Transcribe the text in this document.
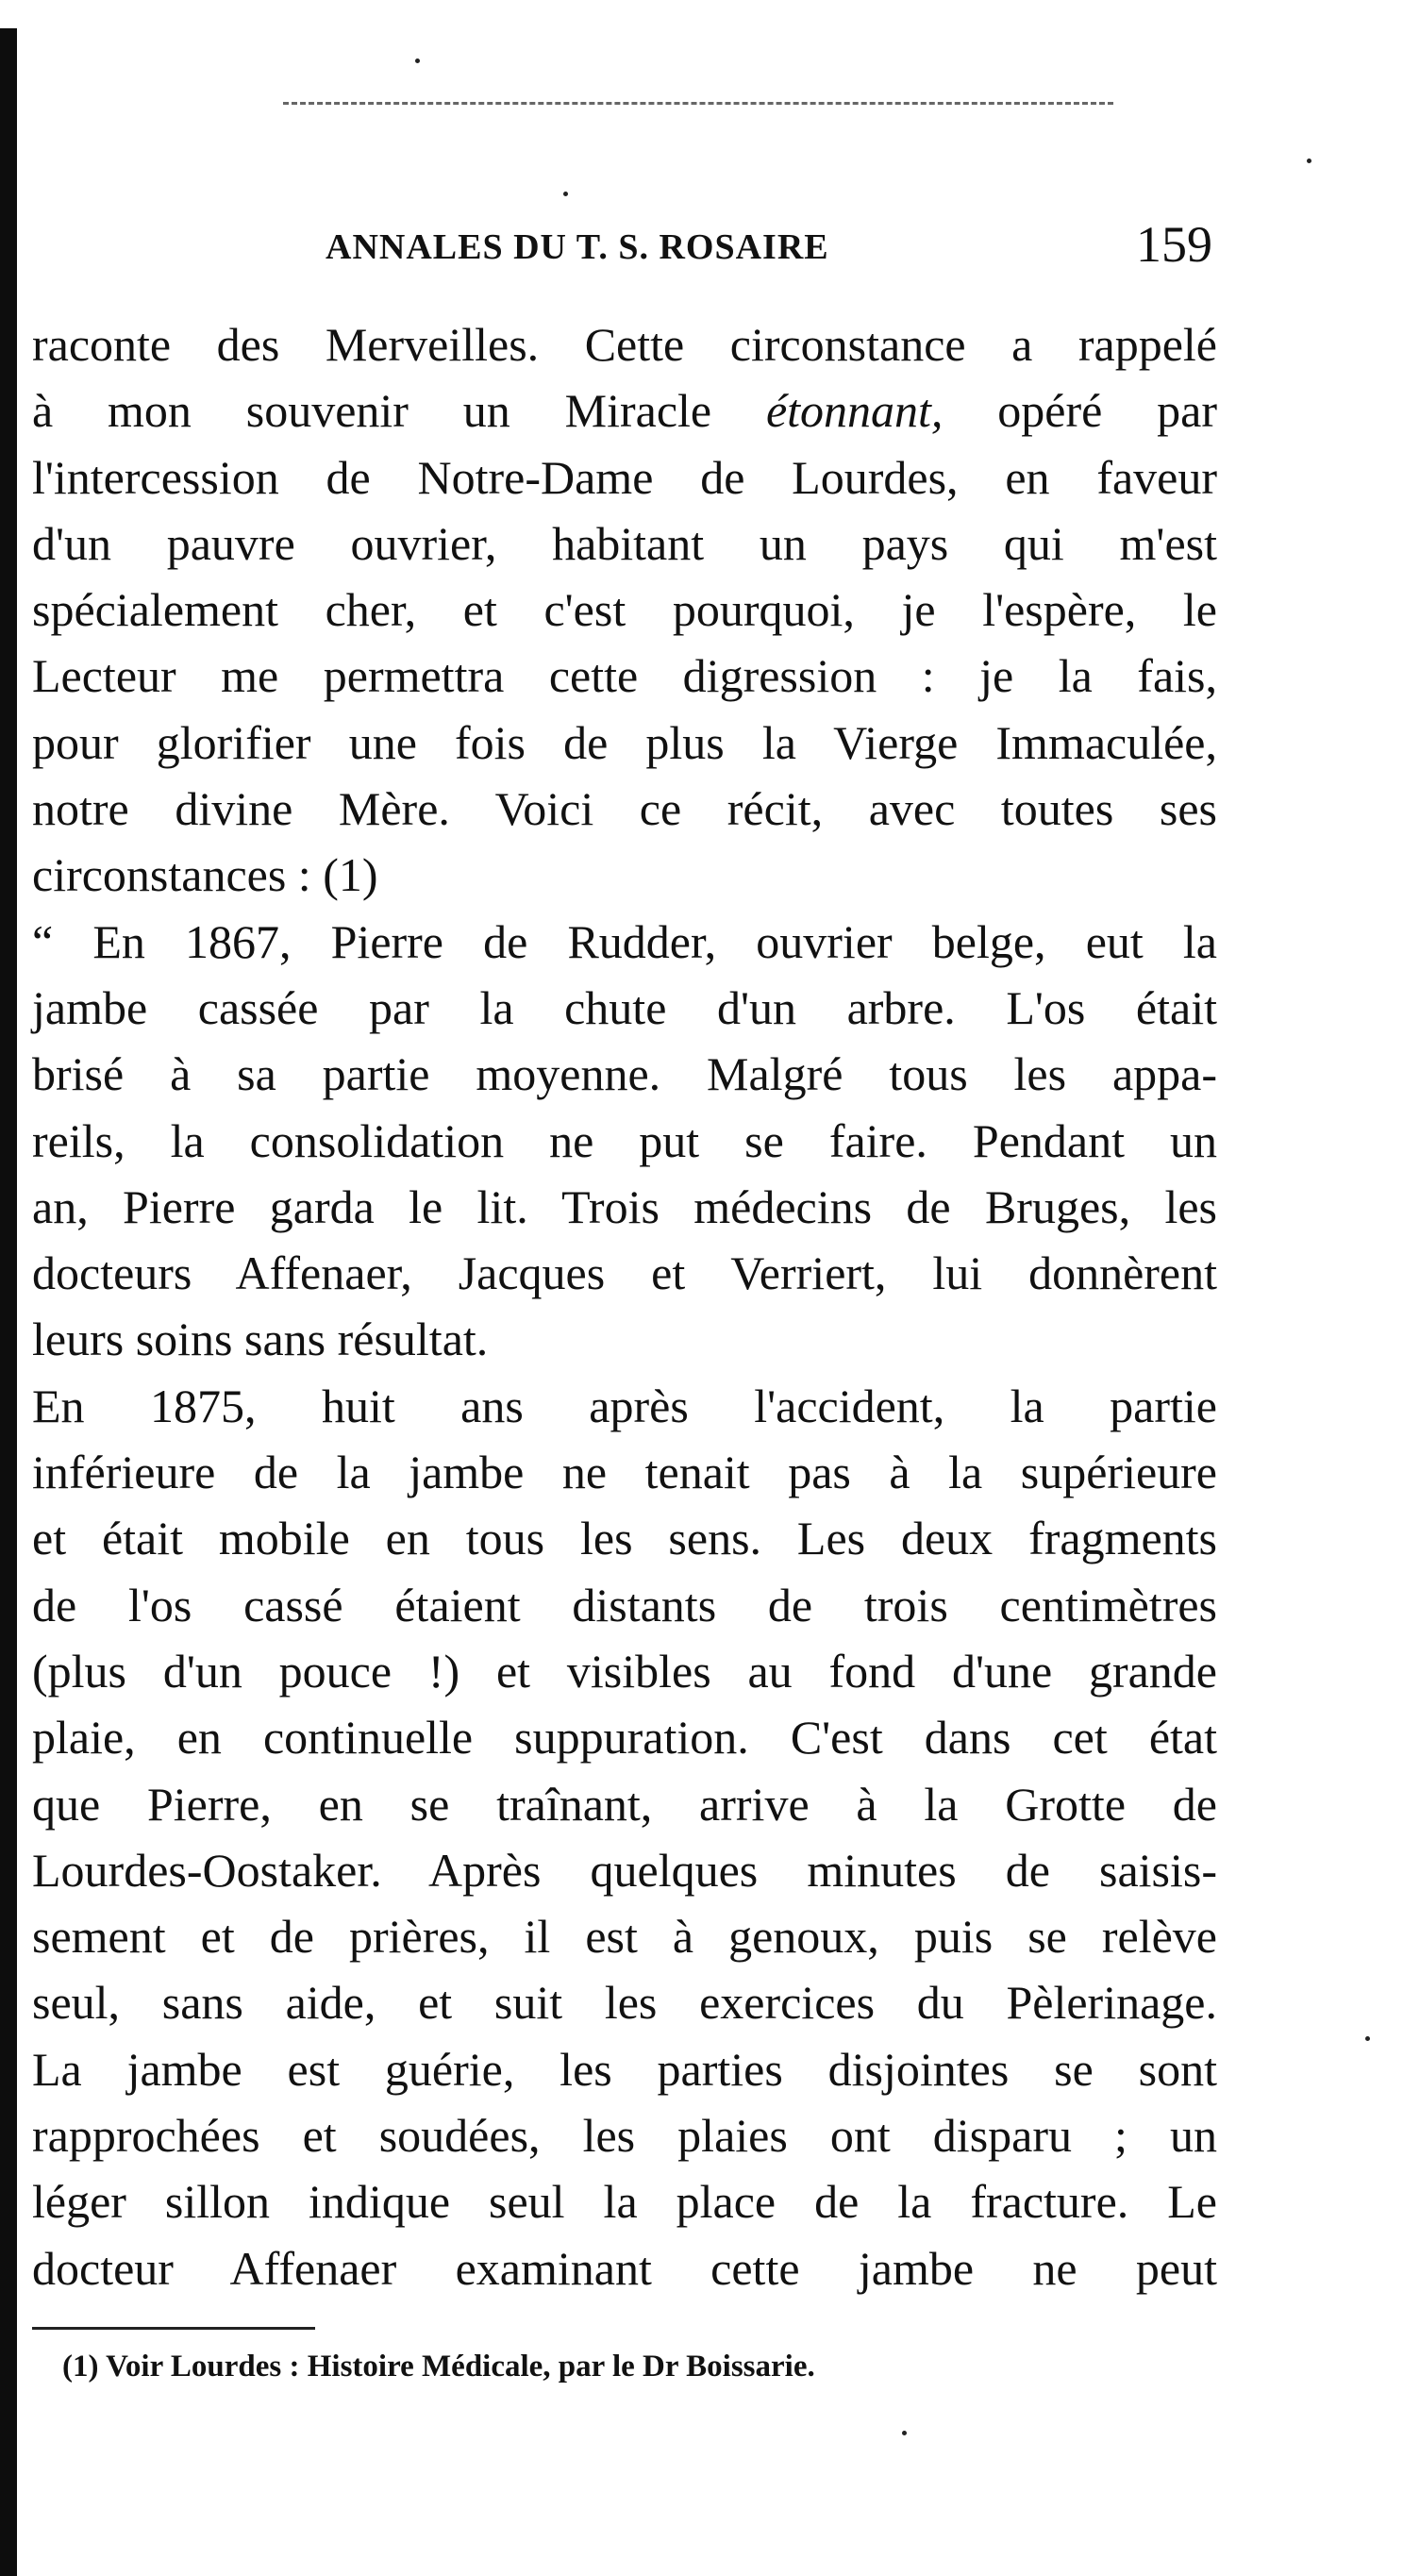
ANNALES DU T. S. ROSAIRE	159
raconte des Merveilles. Cette circonstance a rappelé
à mon souvenir un Miracle étonnant, opéré par
l'intercession de Notre-Dame de Lourdes, en faveur
d'un pauvre ouvrier, habitant un pays qui m'est
spécialement cher, et c'est pourquoi, je l'espère, le
Lecteur me permettra cette digression : je la fais,
pour glorifier une fois de plus la Vierge Immaculée,
notre divine Mère. Voici ce récit, avec toutes ses
circonstances : (1)
“ En 1867, Pierre de Rudder, ouvrier belge, eut la
jambe cassée par la chute d'un arbre. L'os était
brisé à sa partie moyenne. Malgré tous les appa-
reils, la consolidation ne put se faire. Pendant un
an, Pierre garda le lit. Trois médecins de Bruges, les
docteurs Affenaer, Jacques et Verriert, lui donnèrent
leurs soins sans résultat.
En 1875, huit ans après l'accident, la partie
inférieure de la jambe ne tenait pas à la supérieure
et était mobile en tous les sens. Les deux fragments
de l'os cassé étaient distants de trois centimètres
(plus d'un pouce !) et visibles au fond d'une grande
plaie, en continuelle suppuration. C'est dans cet état
que Pierre, en se traînant, arrive à la Grotte de
Lourdes-Oostaker. Après quelques minutes de saisis-
sement et de prières, il est à genoux, puis se relève
seul, sans aide, et suit les exercices du Pèlerinage.
La jambe est guérie, les parties disjointes se sont
rapprochées et soudées, les plaies ont disparu ; un
léger sillon indique seul la place de la fracture. Le
docteur Affenaer examinant cette jambe ne peut
(1) Voir Lourdes : Histoire Médicale, par le Dr Boissarie.
